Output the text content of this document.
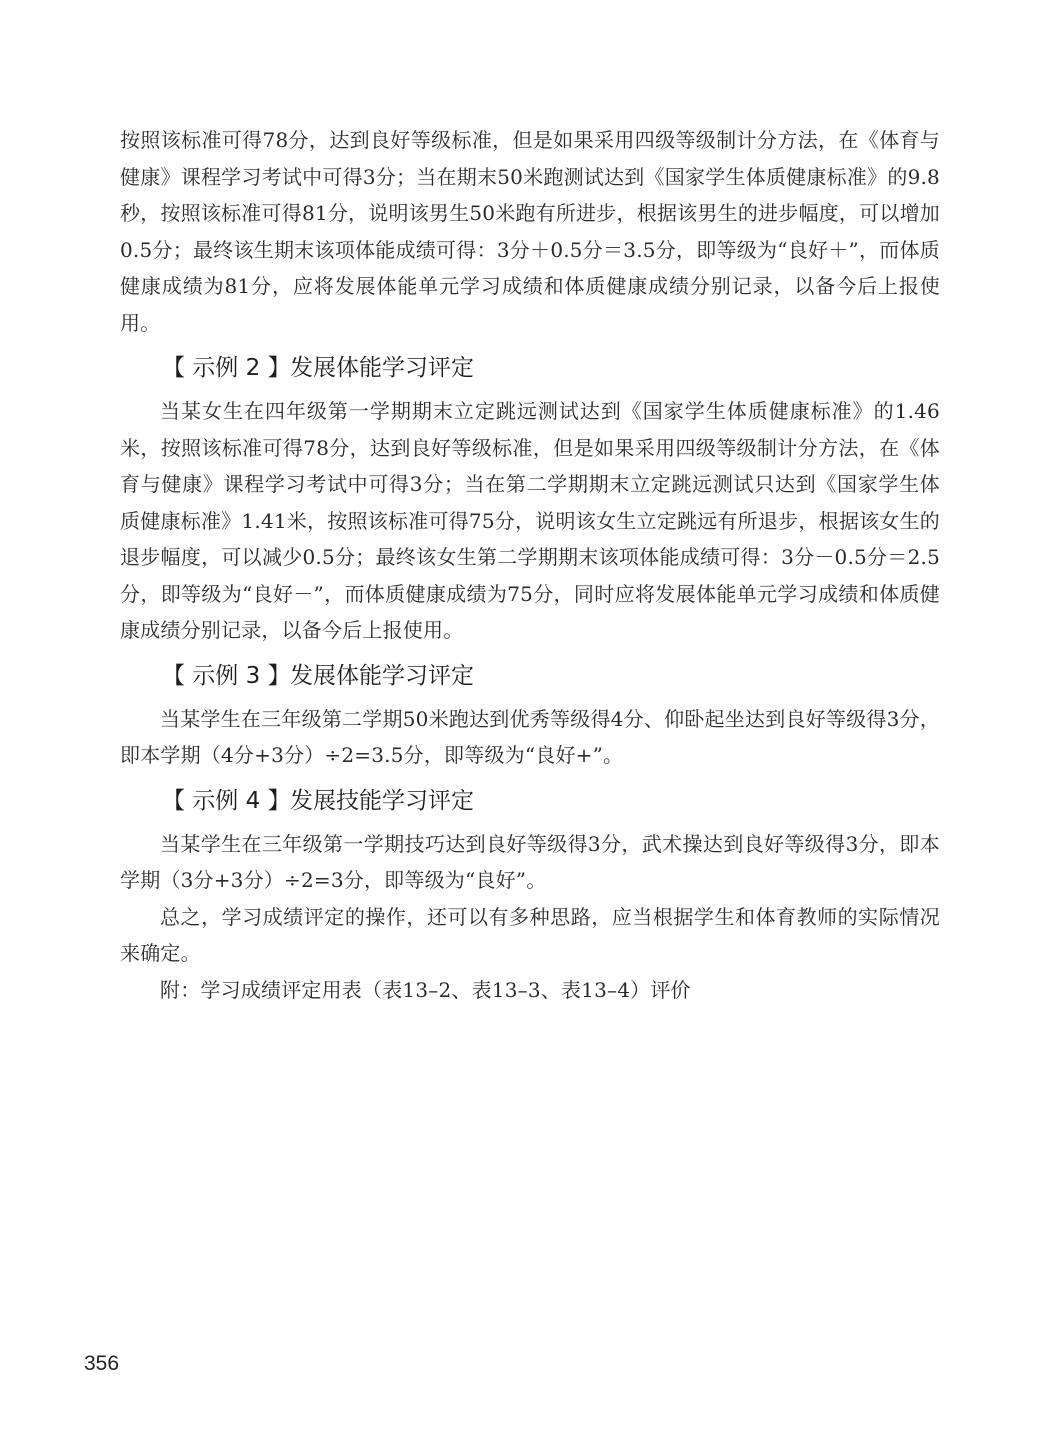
按照该标准可得78分，达到良好等级标准，但是如果采用四级等级制计分方法，在《体育与健康》课程学习考试中可得3分；当在期末50米跑测试达到《国家学生体质健康标准》的9.8秒，按照该标准可得81分，说明该男生50米跑有所进步，根据该男生的进步幅度，可以增加0.5分；最终该生期末该项体能成绩可得：3分＋0.5分＝3.5分，即等级为“良好＋”，而体质健康成绩为81分，应将发展体能单元学习成绩和体质健康成绩分别记录，以备今后上报使用。

【 示例 2 】发展体能学习评定

当某女生在四年级第一学期期末立定跳远测试达到《国家学生体质健康标准》的1.46米，按照该标准可得78分，达到良好等级标准，但是如果采用四级等级制计分方法，在《体育与健康》课程学习考试中可得3分；当在第二学期期末立定跳远测试只达到《国家学生体质健康标准》1.41米，按照该标准可得75分，说明该女生立定跳远有所退步，根据该女生的退步幅度，可以减少0.5分；最终该女生第二学期期末该项体能成绩可得：3分－0.5分＝2.5分，即等级为“良好－”，而体质健康成绩为75分，同时应将发展体能单元学习成绩和体质健康成绩分别记录，以备今后上报使用。

【 示例 3 】发展体能学习评定

当某学生在三年级第二学期50米跑达到优秀等级得4分、仰卧起坐达到良好等级得3分，即本学期（4分+3分）÷2=3.5分，即等级为“良好+”。

【 示例 4 】发展技能学习评定

当某学生在三年级第一学期技巧达到良好等级得3分，武术操达到良好等级得3分，即本学期（3分+3分）÷2=3分，即等级为“良好”。

总之，学习成绩评定的操作，还可以有多种思路，应当根据学生和体育教师的实际情况来确定。

附：学习成绩评定用表（表13–2、表13–3、表13–4）评价

356
